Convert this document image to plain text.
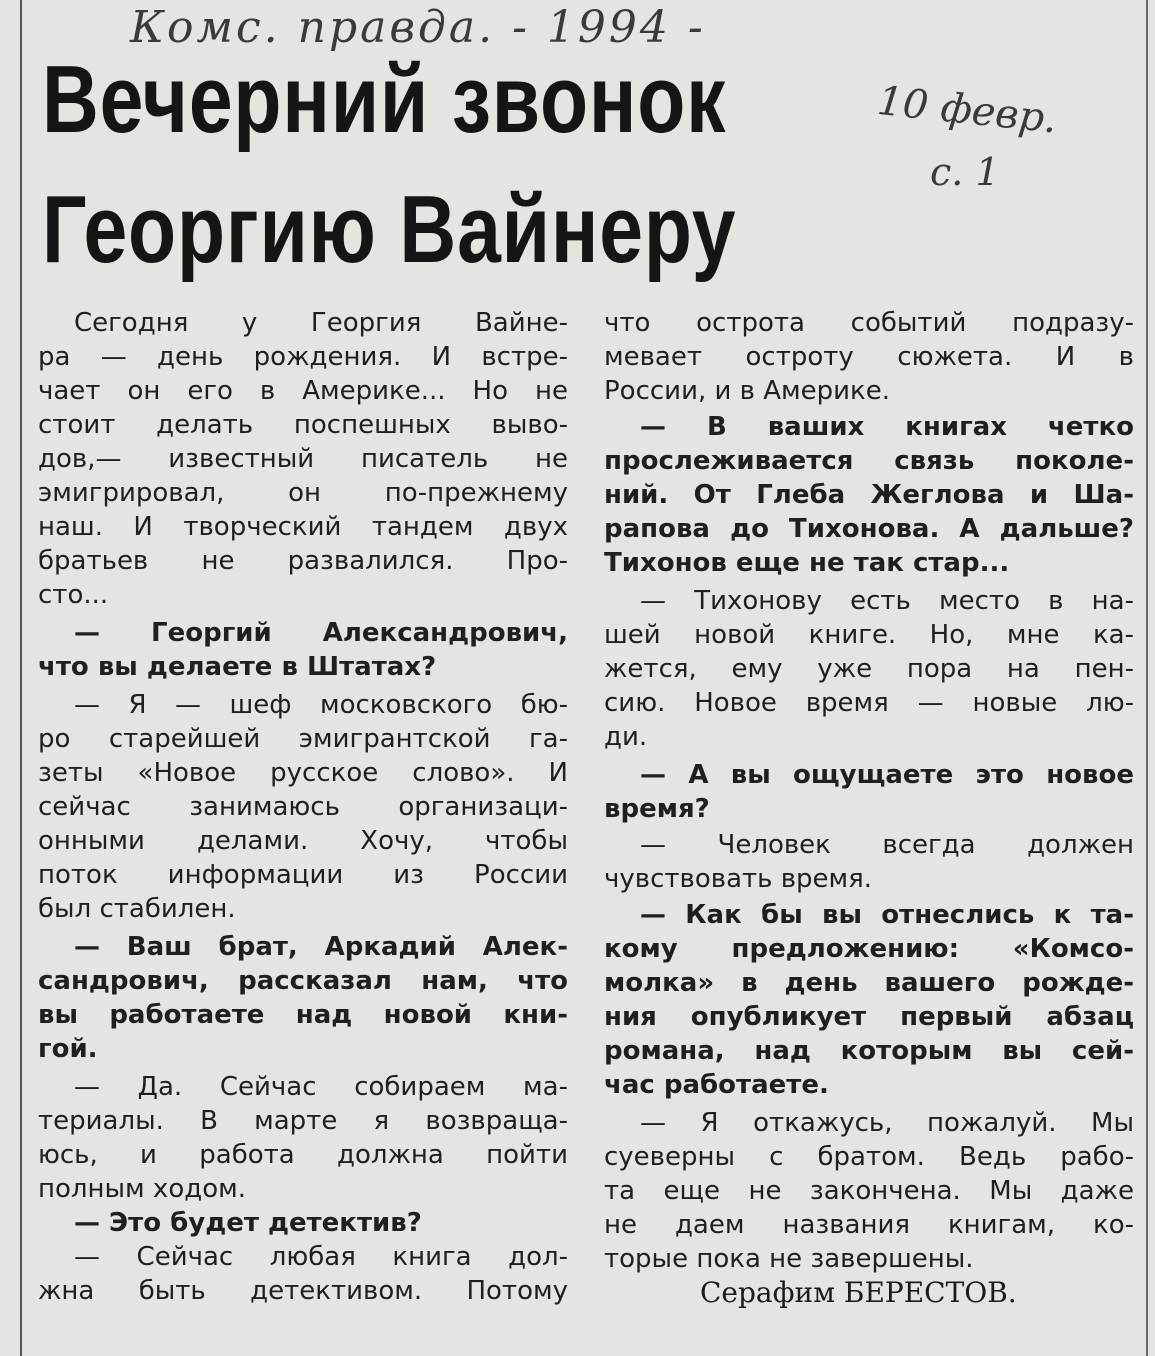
Комс. правда. - 1994 -
10 февр.
с. 1
Вечерний звонок
Георгию Вайнеру
Сегодня у Георгия Вайне-
ра — день рождения. И встре-
чает он его в Америке... Но не
стоит делать поспешных выво-
дов,— известный писатель не
эмигрировал, он по-прежнему
наш. И творческий тандем двух
братьев не развалился. Про-
сто...
— Георгий Александрович,
что вы делаете в Штатах?
— Я — шеф московского бю-
ро старейшей эмигрантской га-
зеты «Новое русское слово». И
сейчас занимаюсь организаци-
онными делами. Хочу, чтобы
поток информации из России
был стабилен.
— Ваш брат, Аркадий Алек-
сандрович, рассказал нам, что
вы работаете над новой кни-
гой.
— Да. Сейчас собираем ма-
териалы. В марте я возвраща-
юсь, и работа должна пойти
полным ходом.
— Это будет детектив?
— Сейчас любая книга дол-
жна быть детективом. Потому
что острота событий подразу-
мевает остроту сюжета. И в
России, и в Америке.
— В ваших книгах четко
прослеживается связь поколе-
ний. От Глеба Жеглова и Ша-
рапова до Тихонова. А дальше?
Тихонов еще не так стар...
— Тихонову есть место в на-
шей новой книге. Но, мне ка-
жется, ему уже пора на пен-
сию. Новое время — новые лю-
ди.
— А вы ощущаете это новое
время?
— Человек всегда должен
чувствовать время.
— Как бы вы отнеслись к та-
кому предложению: «Комсо-
молка» в день вашего рожде-
ния опубликует первый абзац
романа, над которым вы сей-
час работаете.
— Я откажусь, пожалуй. Мы
суеверны с братом. Ведь рабо-
та еще не закончена. Мы даже
не даем названия книгам, ко-
торые пока не завершены.
Серафим БЕРЕСТОВ.
